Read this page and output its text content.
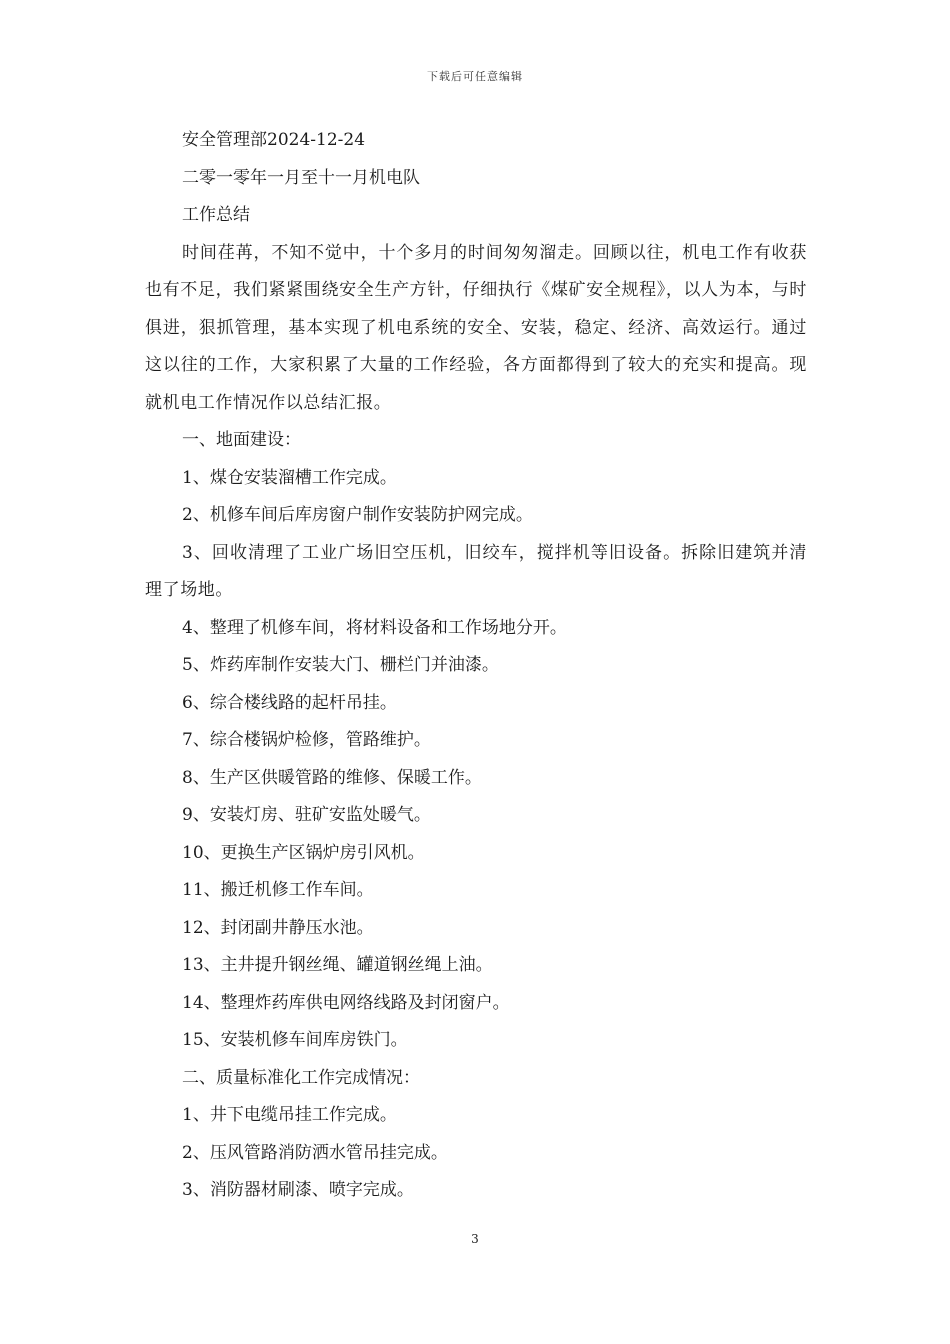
下载后可任意编辑

安全管理部2024-12-24

二零一零年一月至十一月机电队

工作总结

时间荏苒，不知不觉中，十个多月的时间匆匆溜走。回顾以往，机电工作有收获也有不足，我们紧紧围绕安全生产方针，仔细执行《煤矿安全规程》，以人为本，与时俱进，狠抓管理，基本实现了机电系统的安全、安装，稳定、经济、高效运行。通过这以往的工作，大家积累了大量的工作经验，各方面都得到了较大的充实和提高。现就机电工作情况作以总结汇报。

一、地面建设：

1、煤仓安装溜槽工作完成。

2、机修车间后库房窗户制作安装防护网完成。

3、回收清理了工业广场旧空压机，旧绞车，搅拌机等旧设备。拆除旧建筑并清理了场地。

4、整理了机修车间，将材料设备和工作场地分开。

5、炸药库制作安装大门、栅栏门并油漆。

6、综合楼线路的起杆吊挂。

7、综合楼锅炉检修，管路维护。

8、生产区供暖管路的维修、保暖工作。

9、安装灯房、驻矿安监处暖气。

10、更换生产区锅炉房引风机。

11、搬迁机修工作车间。

12、封闭副井静压水池。

13、主井提升钢丝绳、罐道钢丝绳上油。

14、整理炸药库供电网络线路及封闭窗户。

15、安装机修车间库房铁门。

二、质量标准化工作完成情况：

1、井下电缆吊挂工作完成。

2、压风管路消防洒水管吊挂完成。

3、消防器材刷漆、喷字完成。

3
